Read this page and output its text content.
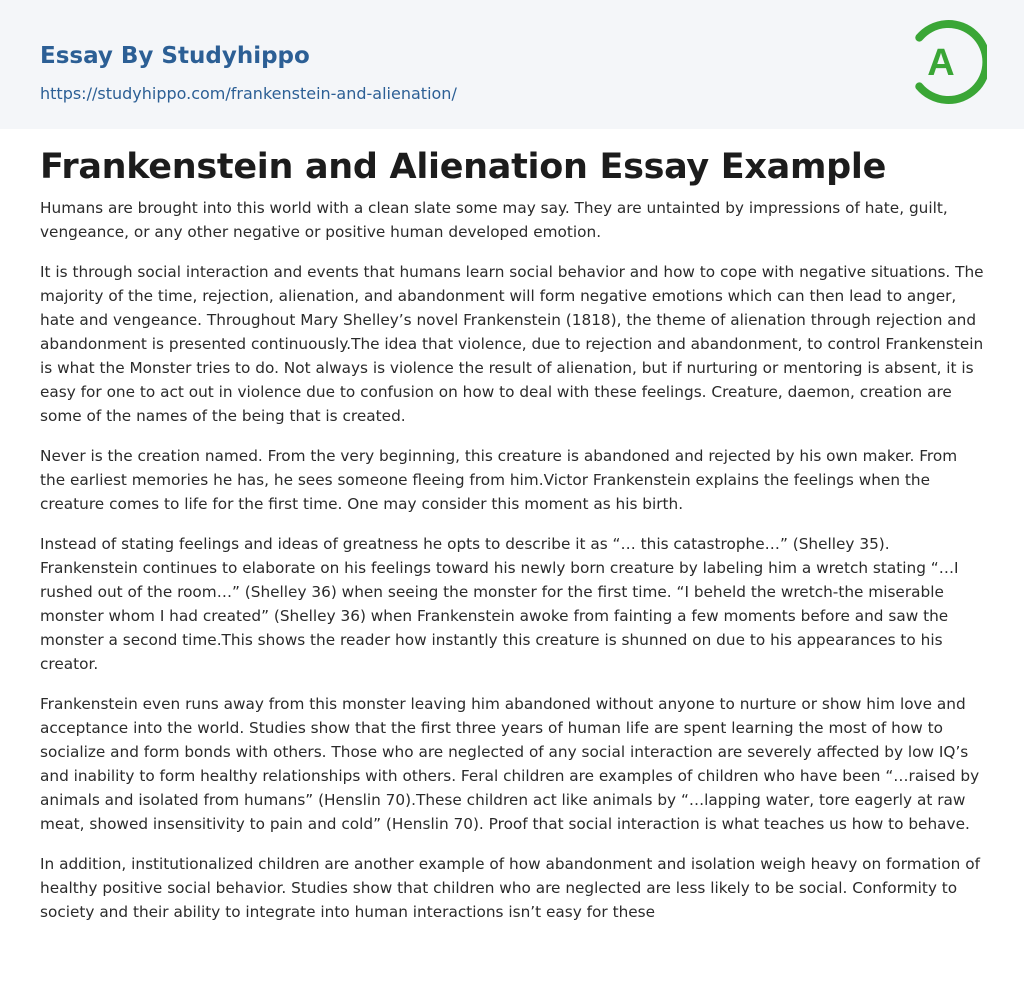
Essay By Studyhippo
https://studyhippo.com/frankenstein-and-alienation/
A
Frankenstein and Alienation Essay Example

Humans are brought into this world with a clean slate some may say. They are untainted by impressions of hate, guilt, vengeance, or any other negative or positive human developed emotion.

It is through social interaction and events that humans learn social behavior and how to cope with negative situations. The majority of the time, rejection, alienation, and abandonment will form negative emotions which can then lead to anger, hate and vengeance. Throughout Mary Shelley’s novel Frankenstein (1818), the theme of alienation through rejection and abandonment is presented continuously.The idea that violence, due to rejection and abandonment, to control Frankenstein is what the Monster tries to do. Not always is violence the result of alienation, but if nurturing or mentoring is absent, it is easy for one to act out in violence due to confusion on how to deal with these feelings. Creature, daemon, creation are some of the names of the being that is created.

Never is the creation named. From the very beginning, this creature is abandoned and rejected by his own maker. From the earliest memories he has, he sees someone fleeing from him.Victor Frankenstein explains the feelings when the creature comes to life for the first time. One may consider this moment as his birth.

Instead of stating feelings and ideas of greatness he opts to describe it as “… this catastrophe…” (Shelley 35). Frankenstein continues to elaborate on his feelings toward his newly born creature by labeling him a wretch stating “…I rushed out of the room…” (Shelley 36) when seeing the monster for the first time. “I beheld the wretch-the miserable monster whom I had created” (Shelley 36) when Frankenstein awoke from fainting a few moments before and saw the monster a second time.This shows the reader how instantly this creature is shunned on due to his appearances to his creator.

Frankenstein even runs away from this monster leaving him abandoned without anyone to nurture or show him love and acceptance into the world. Studies show that the first three years of human life are spent learning the most of how to socialize and form bonds with others. Those who are neglected of any social interaction are severely affected by low IQ’s and inability to form healthy relationships with others. Feral children are examples of children who have been “…raised by animals and isolated from humans” (Henslin 70).These children act like animals by “…lapping water, tore eagerly at raw meat, showed insensitivity to pain and cold” (Henslin 70). Proof that social interaction is what teaches us how to behave.

In addition, institutionalized children are another example of how abandonment and isolation weigh heavy on formation of healthy positive social behavior. Studies show that children who are neglected are less likely to be social. Conformity to society and their ability to integrate into human interactions isn’t easy for these
